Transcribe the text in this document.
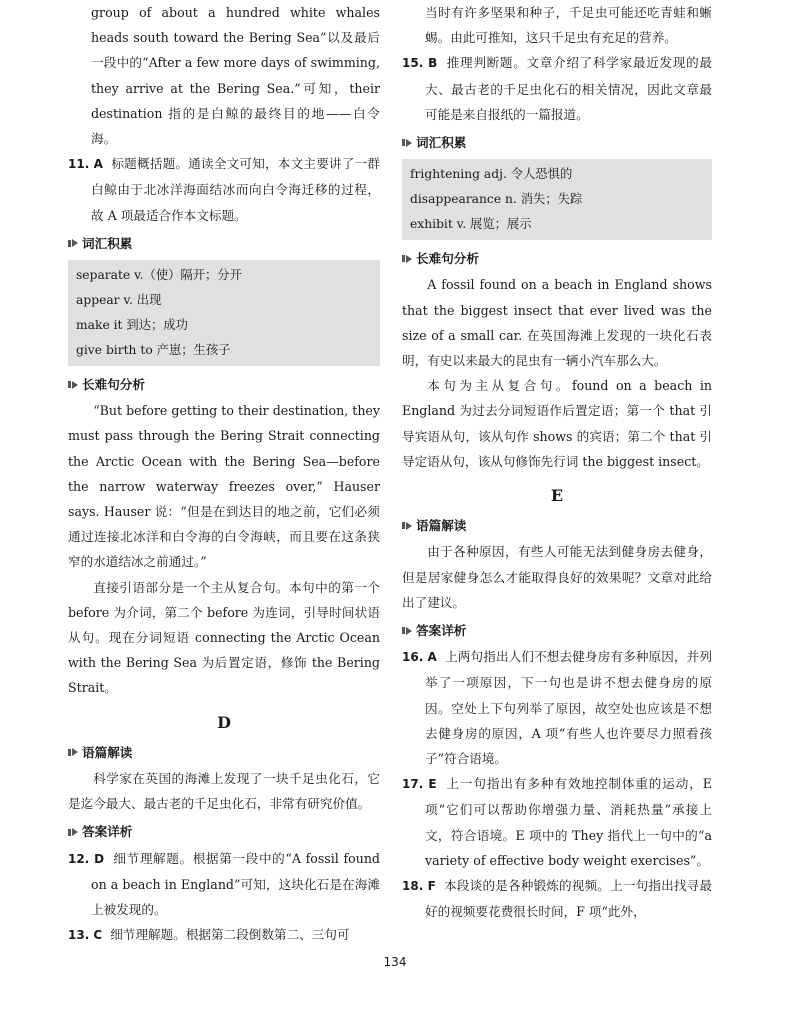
group of about a hundred white whales heads south toward the Bering Sea”以及最后一段中的“After a few more days of swimming, they arrive at the Bering Sea.”可知，their destination 指的是白鲸的最终目的地——白令海。

11. A 标题概括题。通读全文可知，本文主要讲了一群白鲸由于北冰洋海面结冰而向白令海迁移的过程，故 A 项最适合作本文标题。

词汇积累
separate v.（使）隔开；分开
appear v. 出现
make it 到达；成功
give birth to 产崽；生孩子
长难句分析

“But before getting to their destination, they must pass through the Bering Strait connecting the Arctic Ocean with the Bering Sea—before the narrow waterway freezes over,” Hauser says. Hauser 说：“但是在到达目的地之前，它们必须通过连接北冰洋和白令海的白令海峡，而且要在这条狭窄的水道结冰之前通过。”

直接引语部分是一个主从复合句。本句中的第一个 before 为介词，第二个 before 为连词，引导时间状语从句。现在分词短语 connecting the Arctic Ocean with the Bering Sea 为后置定语，修饰 the Bering Strait。

D
语篇解读

科学家在英国的海滩上发现了一块千足虫化石，它是迄今最大、最古老的千足虫化石，非常有研究价值。

答案详析

12. D 细节理解题。根据第一段中的“A fossil found on a beach in England”可知，这块化石是在海滩上被发现的。

13. C 细节理解题。根据第二段倒数第二、三句可

当时有许多坚果和种子，千足虫可能还吃青蛙和蜥蜴。由此可推知，这只千足虫有充足的营养。

15. B 推理判断题。文章介绍了科学家最近发现的最大、最古老的千足虫化石的相关情况，因此文章最可能是来自报纸的一篇报道。

词汇积累
frightening adj. 令人恐惧的
disappearance n. 消失；失踪
exhibit v. 展览；展示
长难句分析

A fossil found on a beach in England shows that the biggest insect that ever lived was the size of a small car. 在英国海滩上发现的一块化石表明，有史以来最大的昆虫有一辆小汽车那么大。

本句为主从复合句。found on a beach in England 为过去分词短语作后置定语；第一个 that 引导宾语从句，该从句作 shows 的宾语；第二个 that 引导定语从句，该从句修饰先行词 the biggest insect。

E
语篇解读

由于各种原因，有些人可能无法到健身房去健身，但是居家健身怎么才能取得良好的效果呢？文章对此给出了建议。

答案详析

16. A 上两句指出人们不想去健身房有多种原因，并列举了一项原因，下一句也是讲不想去健身房的原因。空处上下句列举了原因，故空处也应该是不想去健身房的原因，A 项“有些人也许要尽力照看孩子”符合语境。

17. E 上一句指出有多种有效地控制体重的运动，E 项“它们可以帮助你增强力量、消耗热量”承接上文，符合语境。E 项中的 They 指代上一句中的“a variety of effective body weight exercises”。

18. F 本段谈的是各种锻炼的视频。上一句指出找寻最好的视频要花费很长时间，F 项“此外，

134
